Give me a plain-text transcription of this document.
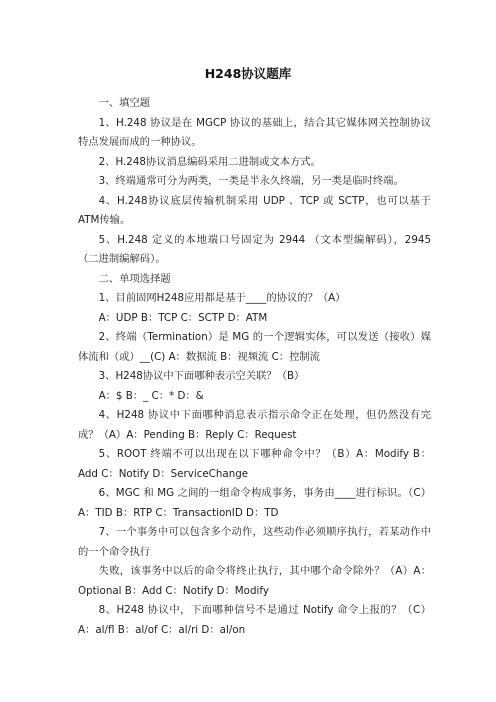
H248协议题库

一、填空题

1、H.248 协议是在 MGCP 协议的基础上，结合其它媒体网关控制协议特点发展而成的一种协议。

2、H.248协议消息编码采用二进制或文本方式。

3、终端通常可分为两类，一类是半永久终端，另一类是临时终端。

4、H.248协议底层传输机制采用 UDP 、TCP 或 SCTP，也可以基于ATM传输。

5、H.248 定义的本地端口号固定为 2944 （文本型编解码），2945 （二进制编解码）。

二、单项选择题

1、目前固网H248应用都是基于____的协议的？（A）

A：UDP B：TCP C：SCTP D：ATM

2、终端（Termination）是 MG 的一个逻辑实体，可以发送（接收）媒体流和（或）__(C) A：数据流 B：视频流 C：控制流

3、H248协议中下面哪种表示空关联？（B）

A：$ B：_ C：* D：&

4、H248 协议中下面哪种消息表示指示命令正在处理，但仍然没有完成？（A）A：Pending B：Reply C：Request

5、ROOT 终端不可以出现在以下哪种命令中？（B）A：Modify B：Add C：Notify D：ServiceChange

6、MGC 和 MG 之间的一组命令构成事务，事务由____进行标识。（C）A：TID B：RTP C：TransactionID D：TD

7、一个事务中可以包含多个动作，这些动作必须顺序执行，若某动作中的一个命令执行

失败，该事务中以后的命令将终止执行，其中哪个命令除外？（A）A：Optional B：Add C：Notify D：Modify

8、H248 协议中，下面哪种信号不是通过 Notify 命令上报的？（C）A：al/fl B：al/of C：al/ri D：al/on
